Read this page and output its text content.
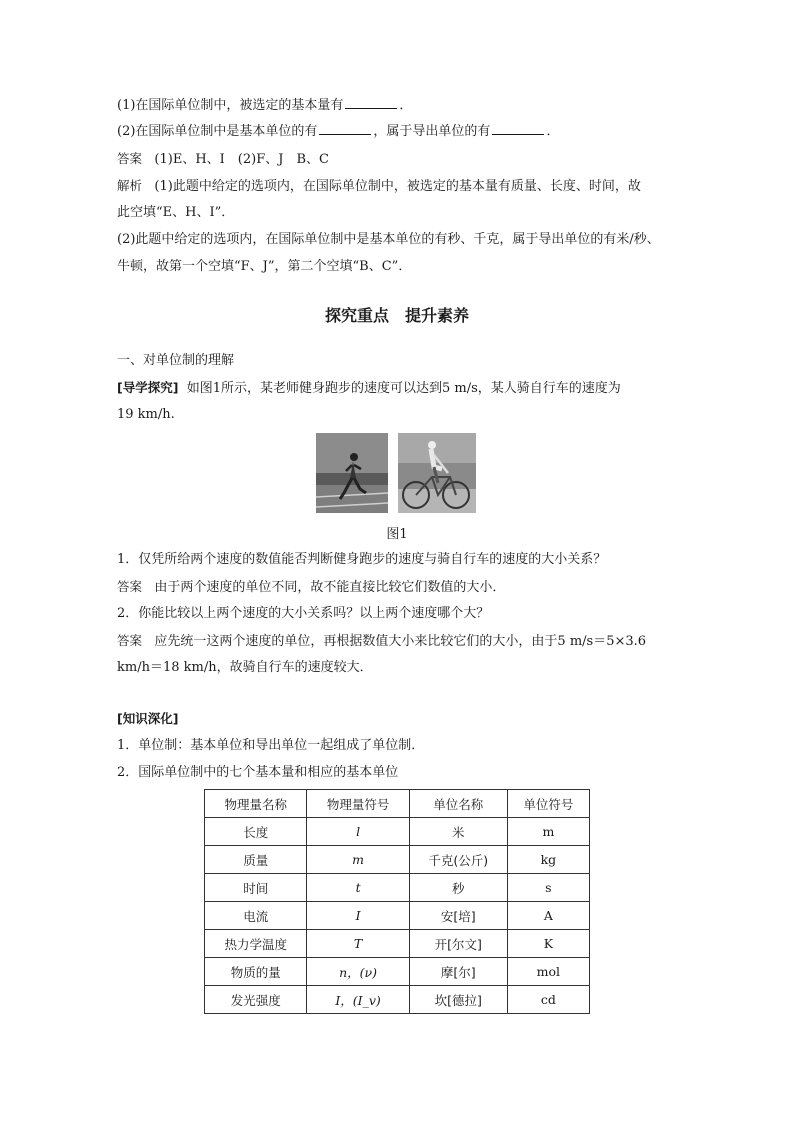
(1)在国际单位制中，被选定的基本量有	．
(2)在国际单位制中是基本单位的有	，属于导出单位的有	．
答案 (1)E、H、I　(2)F、J　B、C
解析 (1)此题中给定的选项内，在国际单位制中，被选定的基本量有质量、长度、时间，故
此空填“E、H、I”．
(2)此题中给定的选项内，在国际单位制中是基本单位的有秒、千克，属于导出单位的有米/秒、
牛顿，故第一个空填“F、J”，第二个空填“B、C”．
探究重点　提升素养
一、对单位制的理解
[导学探究] 如图1所示，某老师健身跑步的速度可以达到5 m/s，某人骑自行车的速度为
19 km/h.
图1
1．仅凭所给两个速度的数值能否判断健身跑步的速度与骑自行车的速度的大小关系？
答案 由于两个速度的单位不同，故不能直接比较它们数值的大小．
2．你能比较以上两个速度的大小关系吗？以上两个速度哪个大？
答案 应先统一这两个速度的单位，再根据数值大小来比较它们的大小，由于5 m/s＝5×3.6
km/h＝18 km/h，故骑自行车的速度较大．
[知识深化]
1．单位制：基本单位和导出单位一起组成了单位制．
2．国际单位制中的七个基本量和相应的基本单位
物理量名称	物理量符号	单位名称	单位符号
长度	l	米	m
质量	m	千克(公斤)	kg
时间	t	秒	s
电流	I	安[培]	A
热力学温度	T	开[尔文]	K
物质的量	n，(ν)	摩[尔]	mol
发光强度	I，(I_v)	坎[德拉]	cd
